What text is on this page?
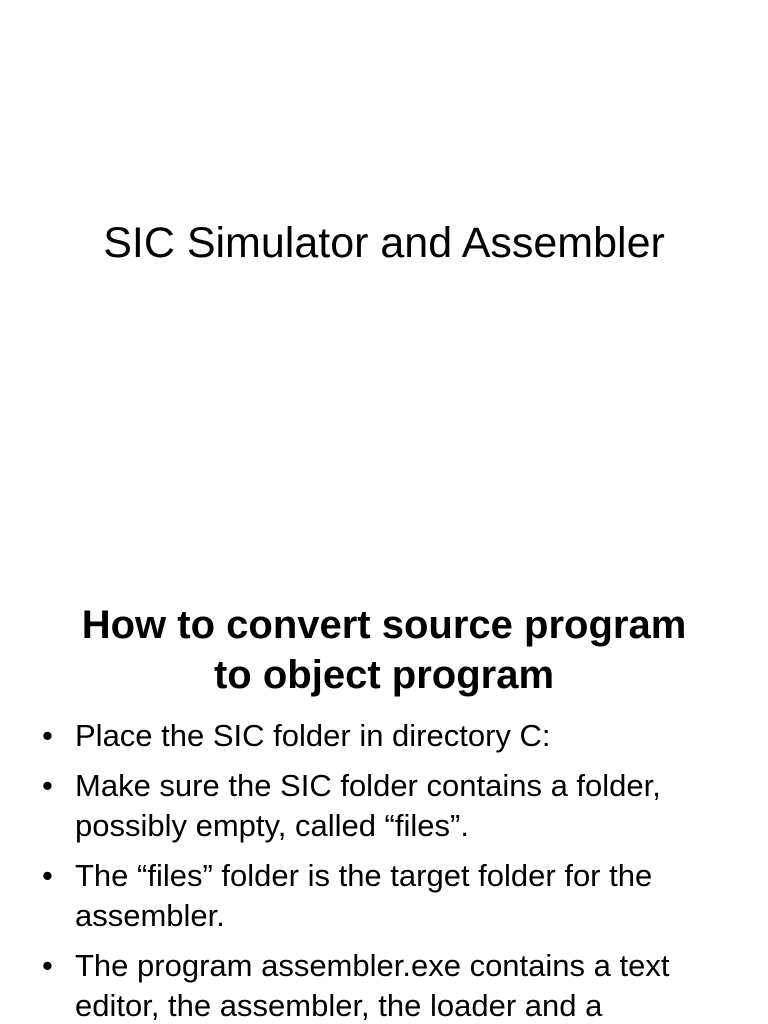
SIC Simulator and Assembler
How to convert source program
to object program
• Place the SIC folder in directory C:
• Make sure the SIC folder contains a folder, possibly empty, called “files”.
• The “files” folder is the target folder for the assembler.
• The program assembler.exe contains a text editor, the assembler, the loader and a
